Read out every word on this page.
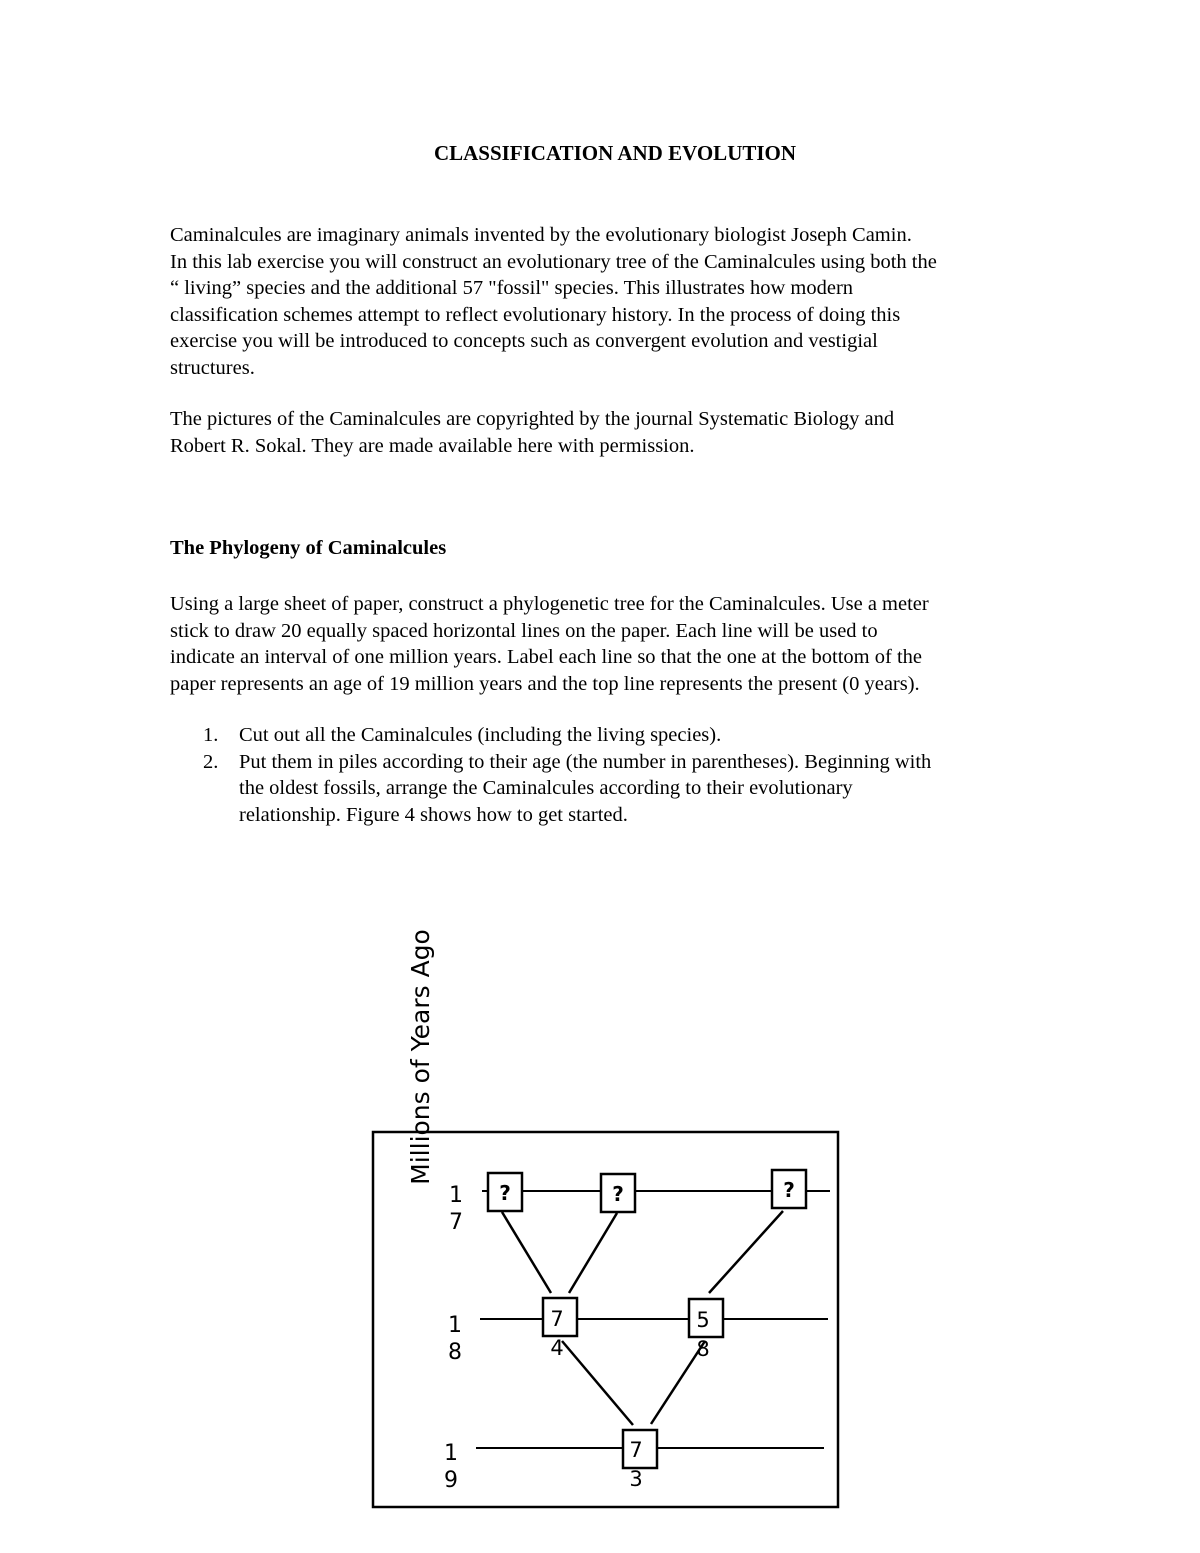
CLASSIFICATION AND EVOLUTION

Caminalcules are imaginary animals invented by the evolutionary biologist Joseph Camin.
In this lab exercise you will construct an evolutionary tree of the Caminalcules using both the
“ living” species and the additional 57 "fossil" species. This illustrates how modern
classification schemes attempt to reflect evolutionary history. In the process of doing this
exercise you will be introduced to concepts such as convergent evolution and vestigial
structures.

The pictures of the Caminalcules are copyrighted by the journal Systematic Biology and
Robert R. Sokal. They are made available here with permission.

The Phylogeny of Caminalcules

Using a large sheet of paper, construct a phylogenetic tree for the Caminalcules. Use a meter
stick to draw 20 equally spaced horizontal lines on the paper. Each line will be used to
indicate an interval of one million years. Label each line so that the one at the bottom of the
paper represents an age of 19 million years and the top line represents the present (0 years).

1. Cut out all the Caminalcules (including the living species).
2. Put them in piles according to their age (the number in parentheses). Beginning with
the oldest fossils, arrange the Caminalcules according to their evolutionary
relationship. Figure 4 shows how to get started.
?	?	?
7
4
5
8
7
3
1
7
1
8
1
9
Millions of Years Ago
